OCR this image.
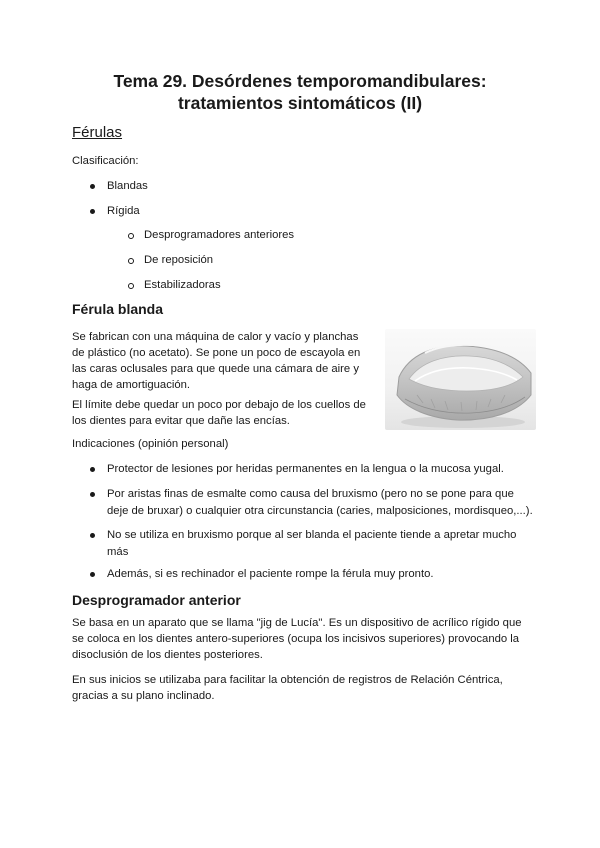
Tema 29. Desórdenes temporomandibulares: tratamientos sintomáticos (II)
Férulas

Clasificación:

Blandas
Rígida
Desprogramadores anteriores
De reposición
Estabilizadoras
Férula blanda

Se fabrican con una máquina de calor y vacío y planchas de plástico (no acetato). Se pone un poco de escayola en las caras oclusales para que quede una cámara de aire y haga de amortiguación.

El límite debe quedar un poco por debajo de los cuellos de los dientes para evitar que dañe las encías.

Indicaciones (opinión personal)

Protector de lesiones por heridas permanentes en la lengua o la mucosa yugal.
Por aristas finas de esmalte como causa del bruxismo (pero no se pone para que deje de bruxar) o cualquier otra circunstancia (caries, malposiciones, mordisqueo,...).
No se utiliza en bruxismo porque al ser blanda el paciente tiende a apretar mucho más
Además, si es rechinador el paciente rompe la férula muy pronto.
Desprogramador anterior

Se basa en un aparato que se llama "jig de Lucía". Es un dispositivo de acrílico rígido que se coloca en los dientes antero-superiores (ocupa los incisivos superiores) provocando la disoclusión de los dientes posteriores.

En sus inicios se utilizaba para facilitar la obtención de registros de Relación Céntrica, gracias a su plano inclinado.
